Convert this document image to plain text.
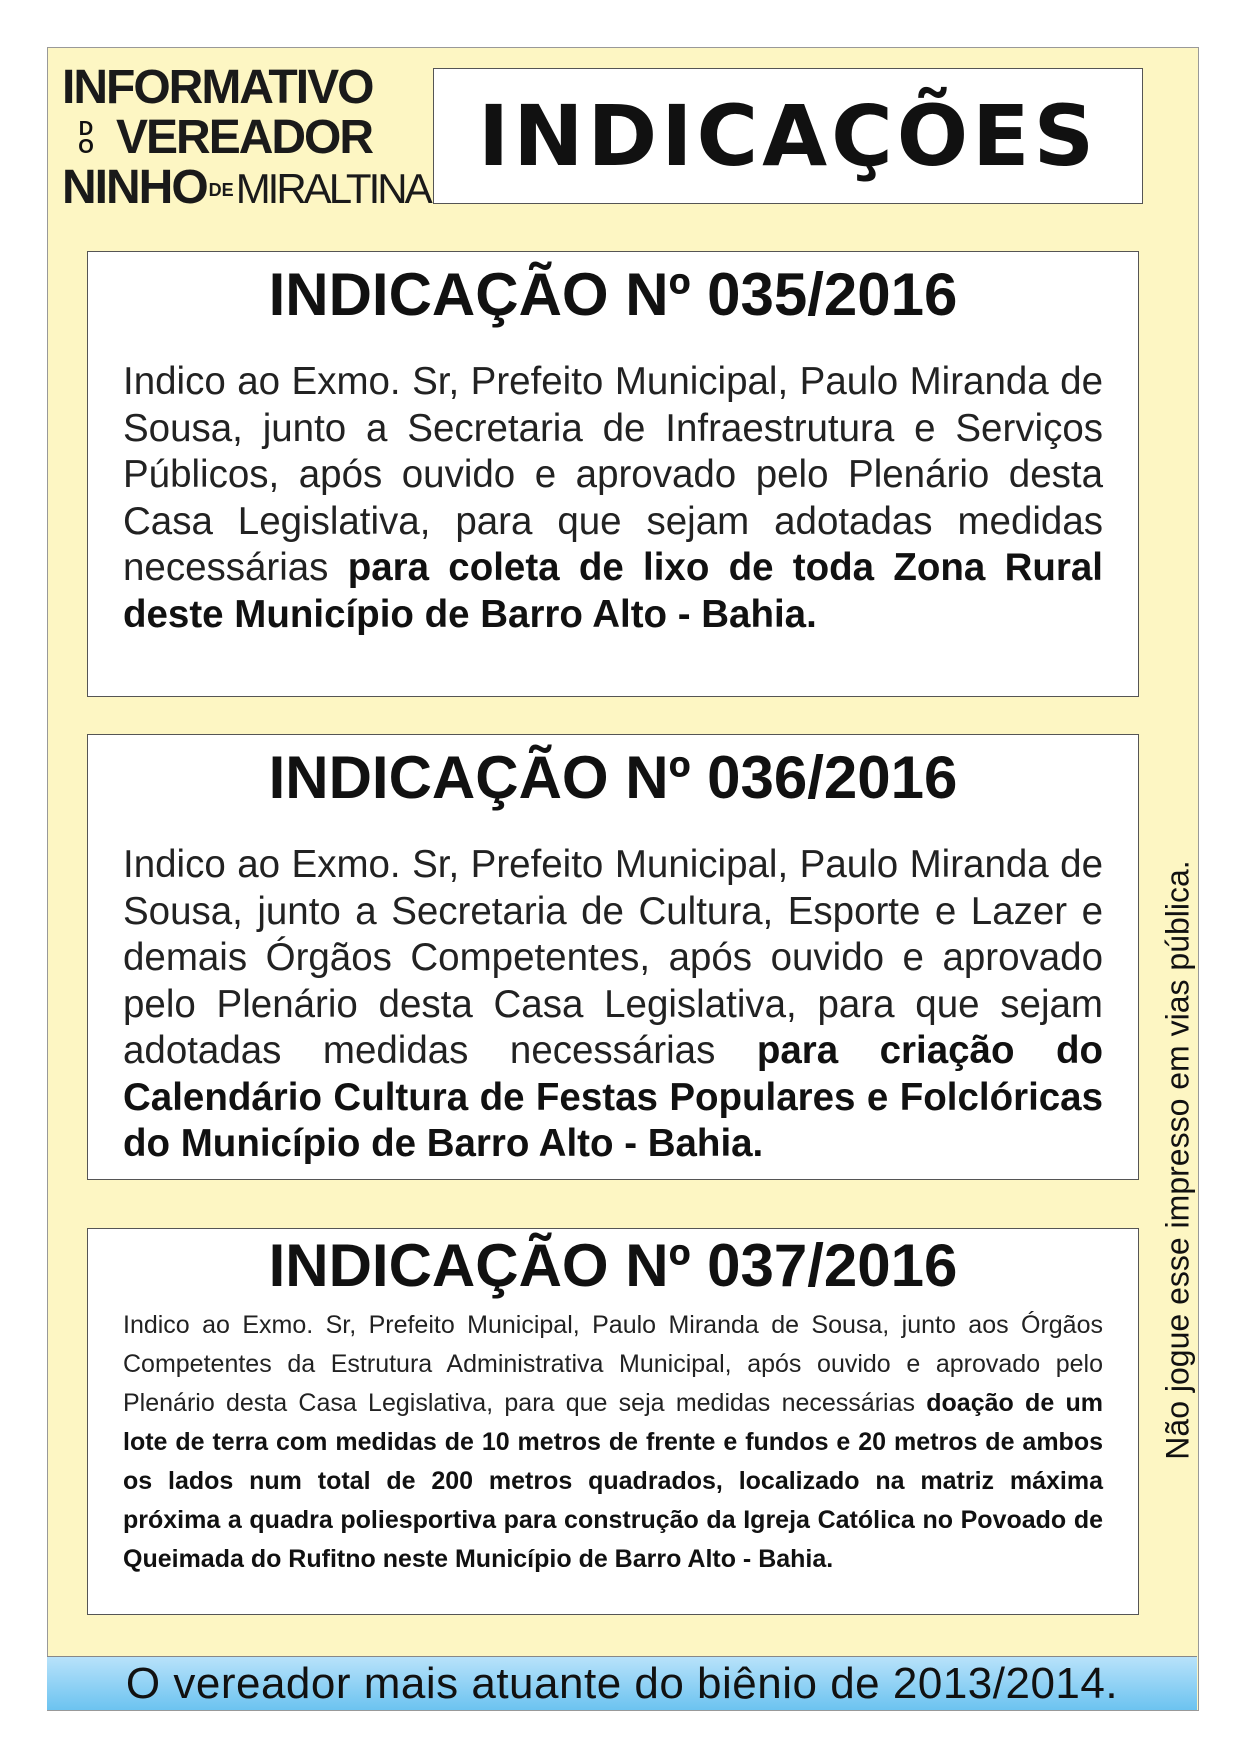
INFORMATIVO
D
O VEREADOR
NINHO DEMIRALTINA
INDICAÇÕES
INDICAÇÃO Nº 035/2016

Indico ao Exmo. Sr, Prefeito Municipal, Paulo Miranda de Sousa, junto a Secretaria de Infraestrutura e Serviços Públicos, após ouvido e aprovado pelo Plenário desta Casa Legislativa, para que sejam adotadas medidas necessárias para coleta de lixo de toda Zona Rural deste Município de Barro Alto - Bahia.

INDICAÇÃO Nº 036/2016

Indico ao Exmo. Sr, Prefeito Municipal, Paulo Miranda de Sousa, junto a Secretaria de Cultura, Esporte e Lazer e demais Órgãos Competentes, após ouvido e aprovado pelo Plenário desta Casa Legislativa, para que sejam adotadas medidas necessárias para criação do Calendário Cultura de Festas Populares e Folclóricas do Município de Barro Alto - Bahia.

INDICAÇÃO Nº 037/2016

Indico ao Exmo. Sr, Prefeito Municipal, Paulo Miranda de Sousa, junto aos Órgãos Competentes da Estrutura Administrativa Municipal, após ouvido e aprovado pelo Plenário desta Casa Legislativa, para que seja medidas necessárias doação de um lote de terra com medidas de 10 metros de frente e fundos e 20 metros de ambos os lados num total de 200 metros quadrados, localizado na matriz máxima próxima a quadra poliesportiva para construção da Igreja Católica no Povoado de Queimada do Rufitno neste Município de Barro Alto - Bahia.

Não jogue esse impresso em vias pública.
O vereador mais atuante do biênio de 2013/2014.
